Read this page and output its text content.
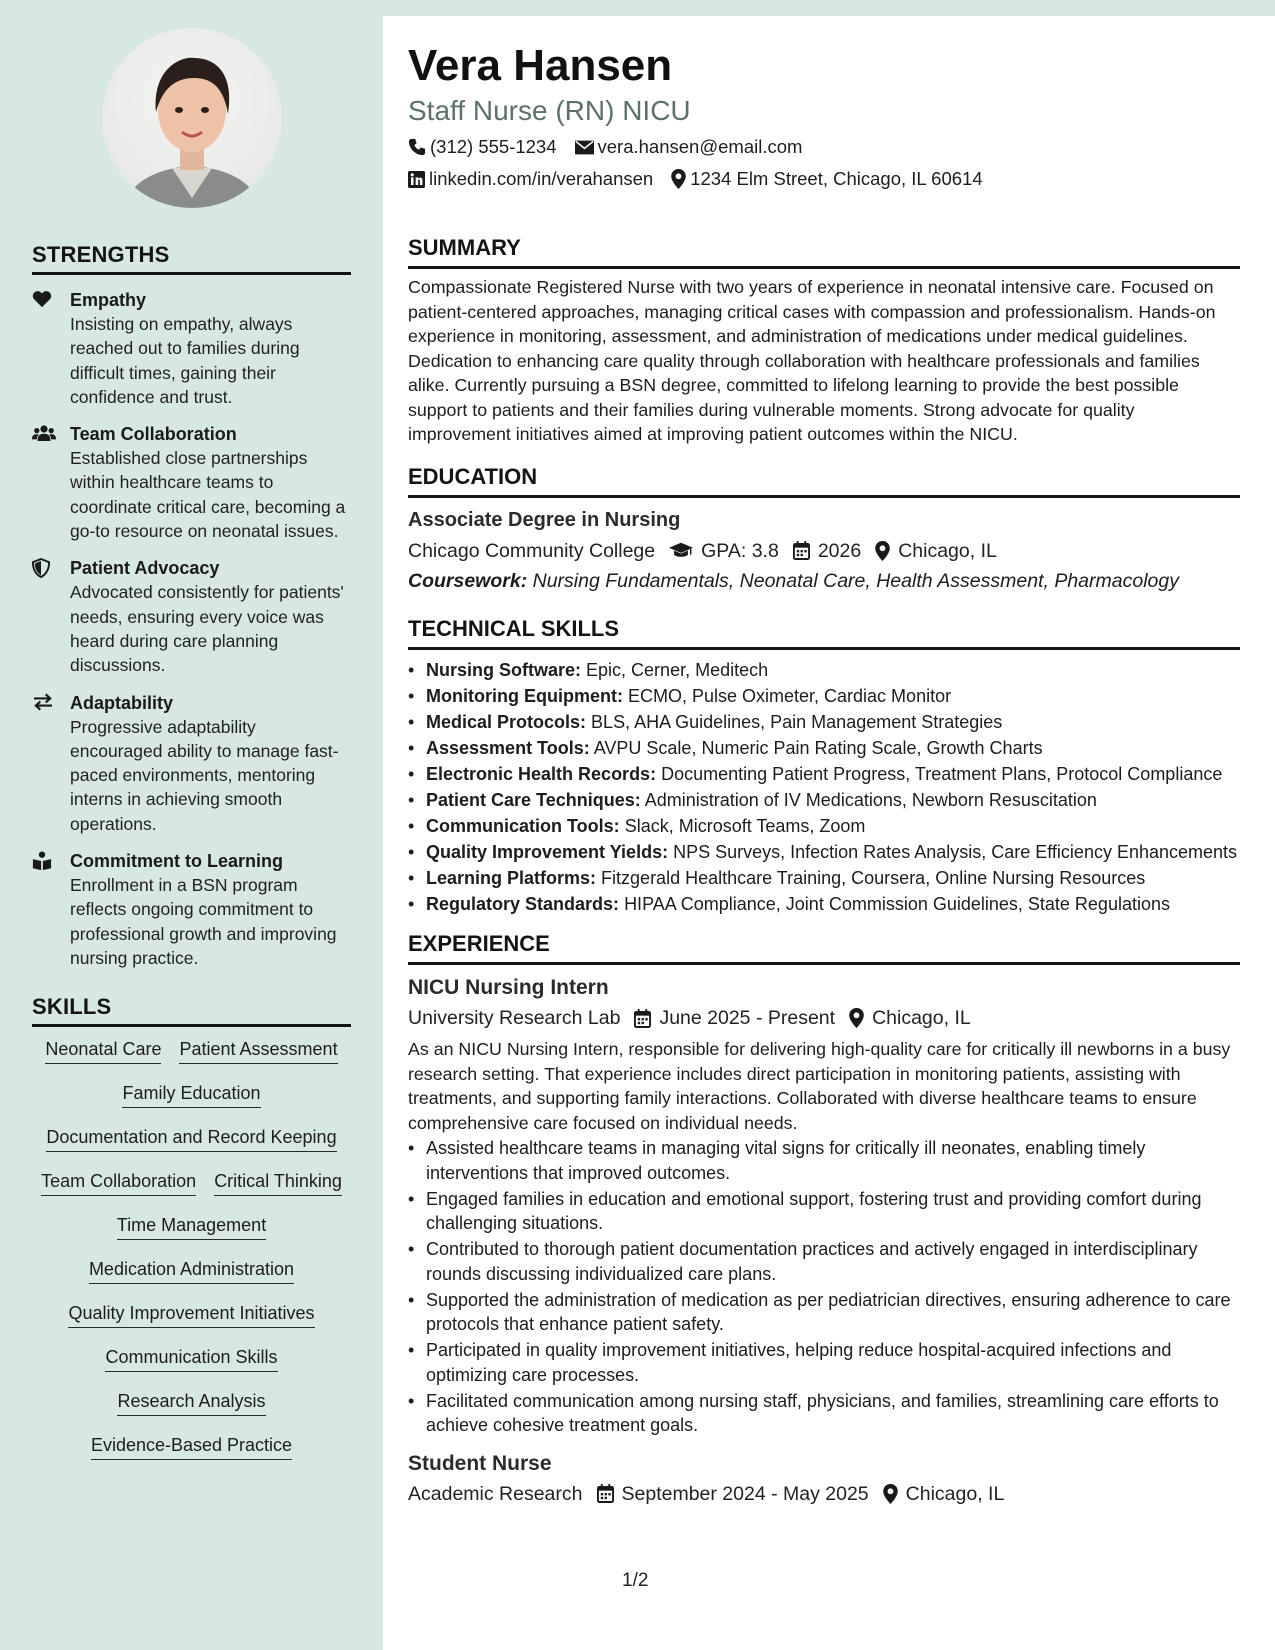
STRENGTHS
Empathy
Insisting on empathy, always reached out to families during difficult times, gaining their confidence and trust.
Team Collaboration
Established close partnerships within healthcare teams to coordinate critical care, becoming a go-to resource on neonatal issues.
Patient Advocacy
Advocated consistently for patients' needs, ensuring every voice was heard during care planning discussions.
Adaptability
Progressive adaptability encouraged ability to manage fast-paced environments, mentoring interns in achieving smooth operations.
Commitment to Learning
Enrollment in a BSN program reflects ongoing commitment to professional growth and improving nursing practice.
SKILLS
Neonatal Care Patient Assessment
Family Education
Documentation and Record Keeping
Team Collaboration Critical Thinking
Time Management
Medication Administration
Quality Improvement Initiatives
Communication Skills
Research Analysis
Evidence-Based Practice
Vera Hansen
Staff Nurse (RN) NICU
(312) 555-1234 vera.hansen@email.com
linkedin.com/in/verahansen 1234 Elm Street, Chicago, IL 60614
SUMMARY

Compassionate Registered Nurse with two years of experience in neonatal intensive care. Focused on patient-centered approaches, managing critical cases with compassion and professionalism. Hands-on experience in monitoring, assessment, and administration of medications under medical guidelines. Dedication to enhancing care quality through collaboration with healthcare professionals and families alike. Currently pursuing a BSN degree, committed to lifelong learning to provide the best possible support to patients and their families during vulnerable moments. Strong advocate for quality improvement initiatives aimed at improving patient outcomes within the NICU.

EDUCATION
Associate Degree in Nursing
Chicago Community College GPA: 3.8 2026 Chicago, IL
Coursework: Nursing Fundamentals, Neonatal Care, Health Assessment, Pharmacology
TECHNICAL SKILLS
• Nursing Software: Epic, Cerner, Meditech
• Monitoring Equipment: ECMO, Pulse Oximeter, Cardiac Monitor
• Medical Protocols: BLS, AHA Guidelines, Pain Management Strategies
• Assessment Tools: AVPU Scale, Numeric Pain Rating Scale, Growth Charts
• Electronic Health Records: Documenting Patient Progress, Treatment Plans, Protocol Compliance
• Patient Care Techniques: Administration of IV Medications, Newborn Resuscitation
• Communication Tools: Slack, Microsoft Teams, Zoom
• Quality Improvement Yields: NPS Surveys, Infection Rates Analysis, Care Efficiency Enhancements
• Learning Platforms: Fitzgerald Healthcare Training, Coursera, Online Nursing Resources
• Regulatory Standards: HIPAA Compliance, Joint Commission Guidelines, State Regulations
EXPERIENCE
NICU Nursing Intern
University Research Lab June 2025 - Present Chicago, IL

As an NICU Nursing Intern, responsible for delivering high-quality care for critically ill newborns in a busy research setting. That experience includes direct participation in monitoring patients, assisting with treatments, and supporting family interactions. Collaborated with diverse healthcare teams to ensure comprehensive care focused on individual needs.

• Assisted healthcare teams in managing vital signs for critically ill neonates, enabling timely interventions that improved outcomes.
• Engaged families in education and emotional support, fostering trust and providing comfort during challenging situations.
• Contributed to thorough patient documentation practices and actively engaged in interdisciplinary rounds discussing individualized care plans.
• Supported the administration of medication as per pediatrician directives, ensuring adherence to care protocols that enhance patient safety.
• Participated in quality improvement initiatives, helping reduce hospital-acquired infections and optimizing care processes.
• Facilitated communication among nursing staff, physicians, and families, streamlining care efforts to achieve cohesive treatment goals.
Student Nurse
Academic Research September 2024 - May 2025 Chicago, IL
1/2
